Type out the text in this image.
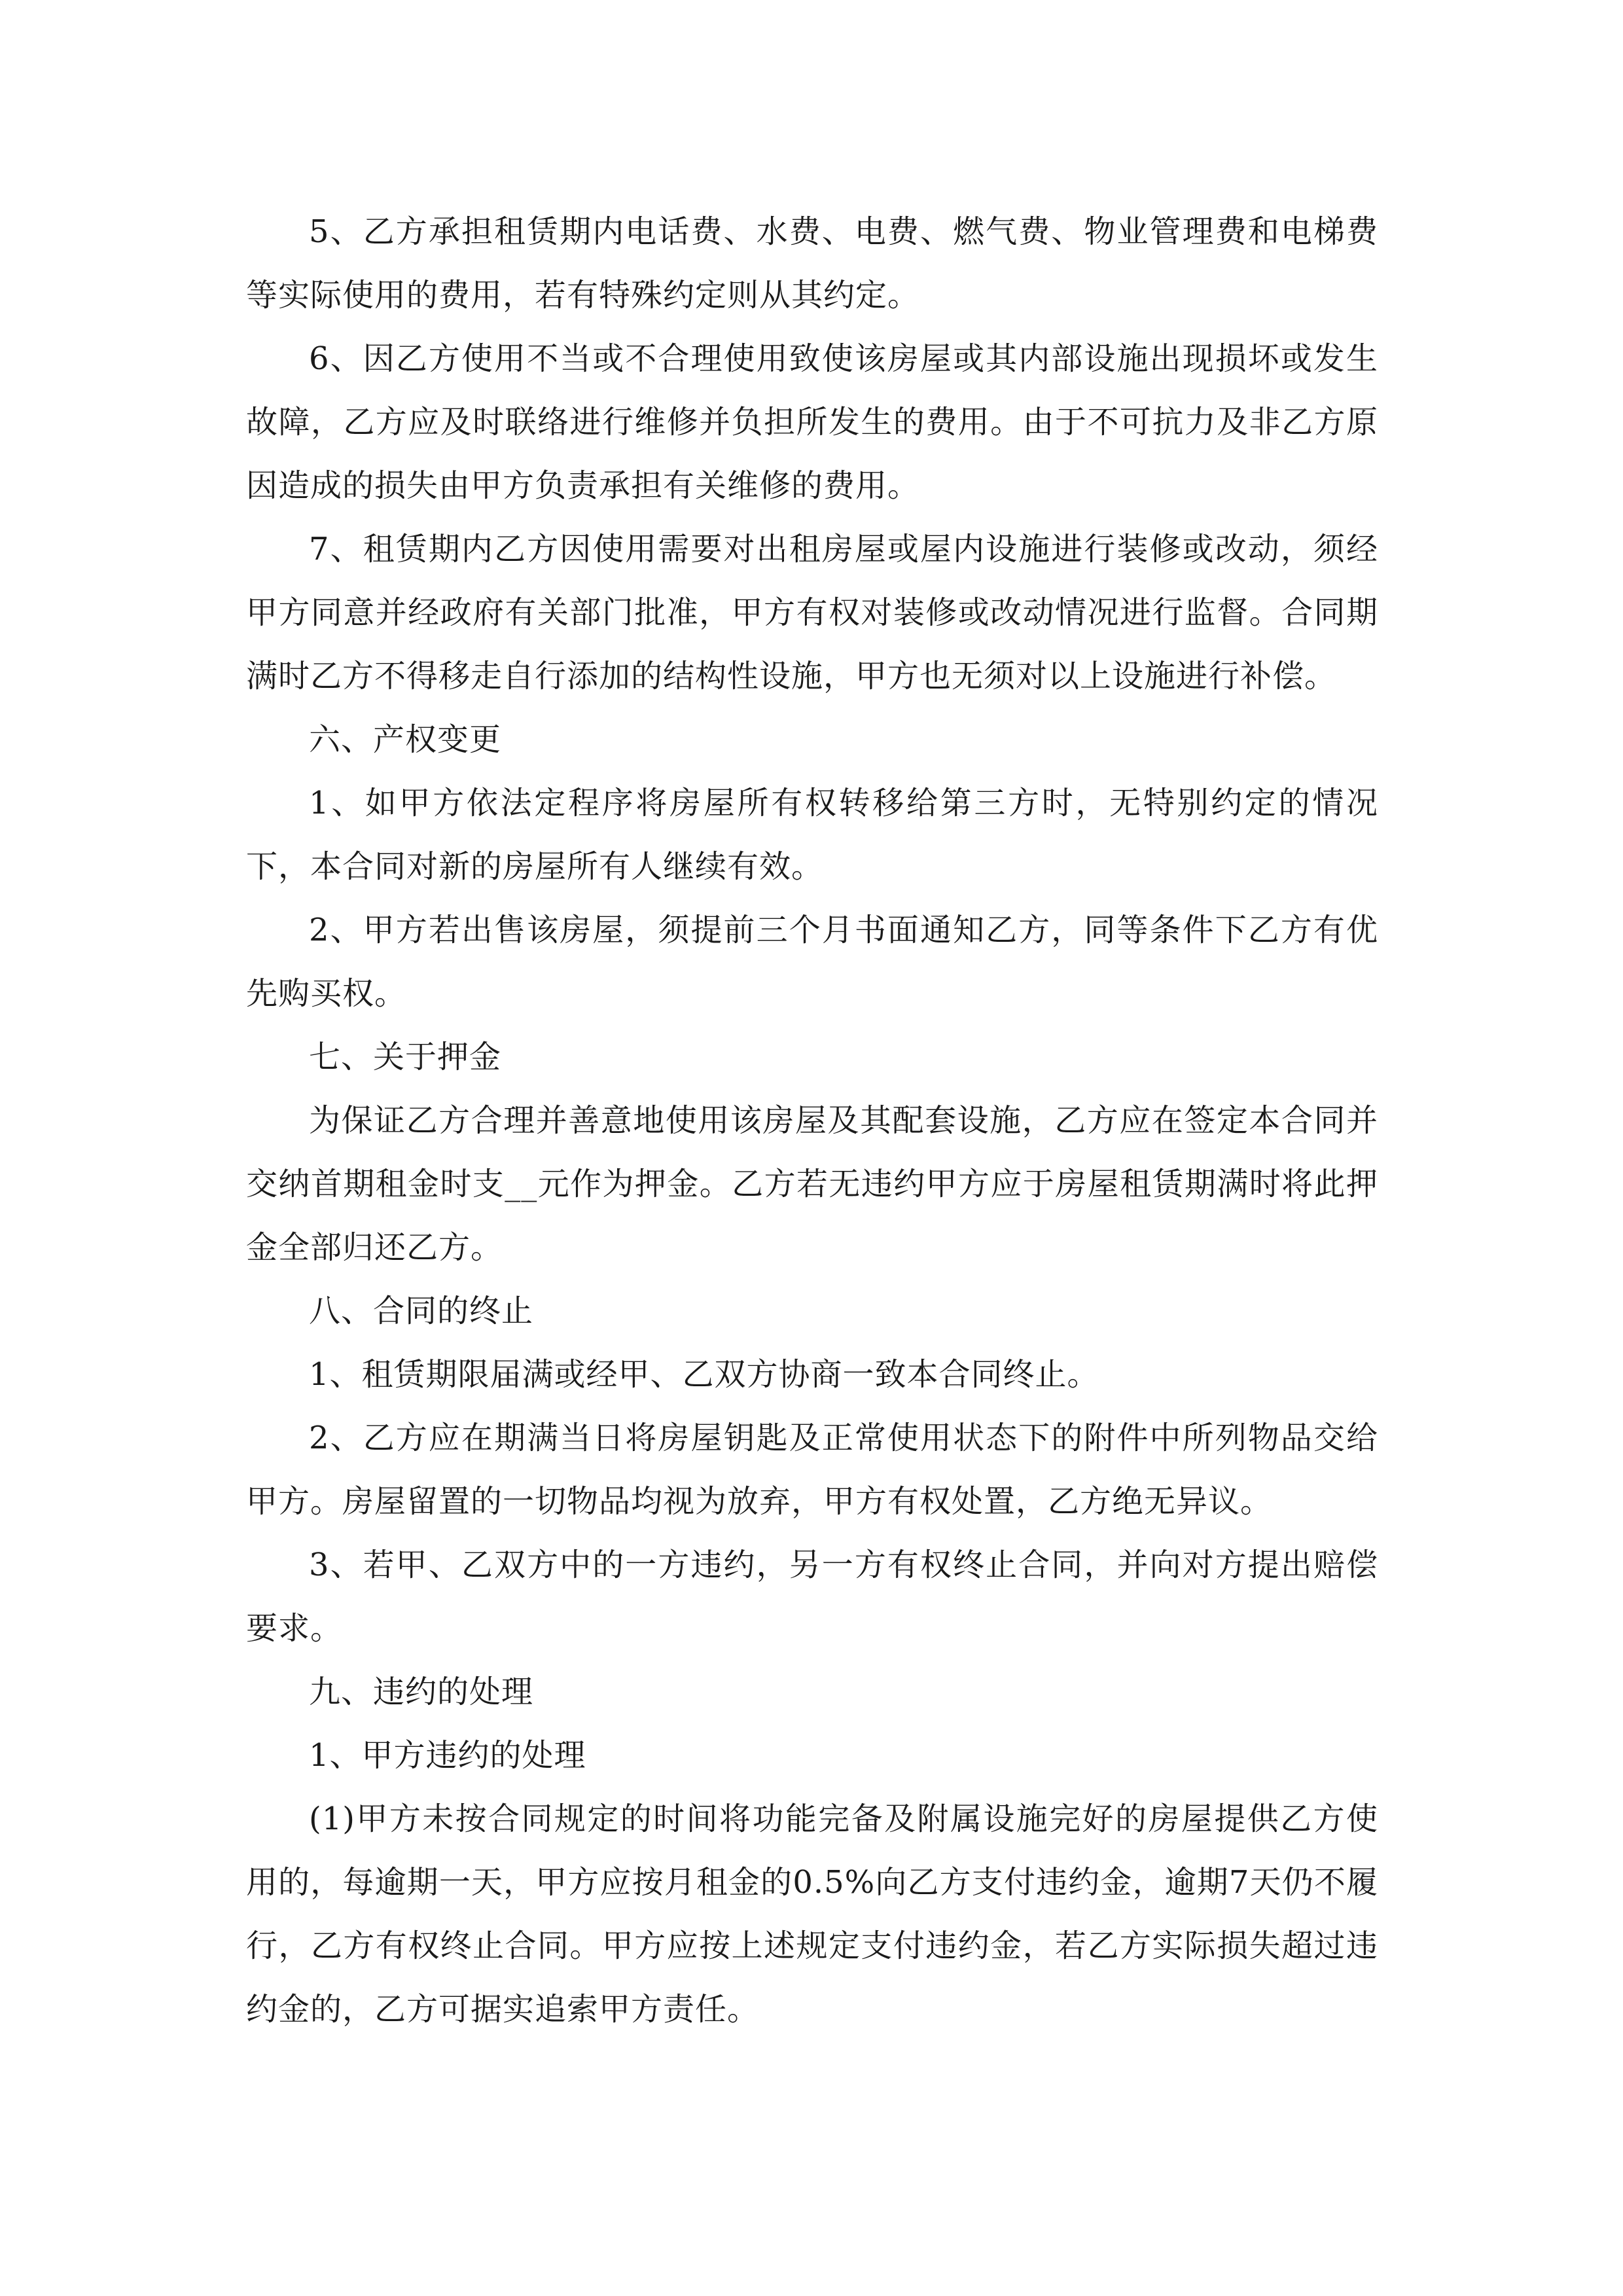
5、乙方承担租赁期内电话费、水费、电费、燃气费、物业管理费和电梯费等实际使用的费用，若有特殊约定则从其约定。

6、因乙方使用不当或不合理使用致使该房屋或其内部设施出现损坏或发生故障，乙方应及时联络进行维修并负担所发生的费用。由于不可抗力及非乙方原因造成的损失由甲方负责承担有关维修的费用。

7、租赁期内乙方因使用需要对出租房屋或屋内设施进行装修或改动，须经甲方同意并经政府有关部门批准，甲方有权对装修或改动情况进行监督。合同期满时乙方不得移走自行添加的结构性设施，甲方也无须对以上设施进行补偿。

六、产权变更

1、如甲方依法定程序将房屋所有权转移给第三方时，无特别约定的情况下，本合同对新的房屋所有人继续有效。

2、甲方若出售该房屋，须提前三个月书面通知乙方，同等条件下乙方有优先购买权。

七、关于押金

为保证乙方合理并善意地使用该房屋及其配套设施，乙方应在签定本合同并交纳首期租金时支__元作为押金。乙方若无违约甲方应于房屋租赁期满时将此押金全部归还乙方。

八、合同的终止

1、租赁期限届满或经甲、乙双方协商一致本合同终止。

2、乙方应在期满当日将房屋钥匙及正常使用状态下的附件中所列物品交给甲方。房屋留置的一切物品均视为放弃，甲方有权处置，乙方绝无异议。

3、若甲、乙双方中的一方违约，另一方有权终止合同，并向对方提出赔偿要求。

九、违约的处理

1、甲方违约的处理

(1)甲方未按合同规定的时间将功能完备及附属设施完好的房屋提供乙方使用的，每逾期一天，甲方应按月租金的0.5%向乙方支付违约金，逾期7天仍不履行，乙方有权终止合同。甲方应按上述规定支付违约金，若乙方实际损失超过违约金的，乙方可据实追索甲方责任。
